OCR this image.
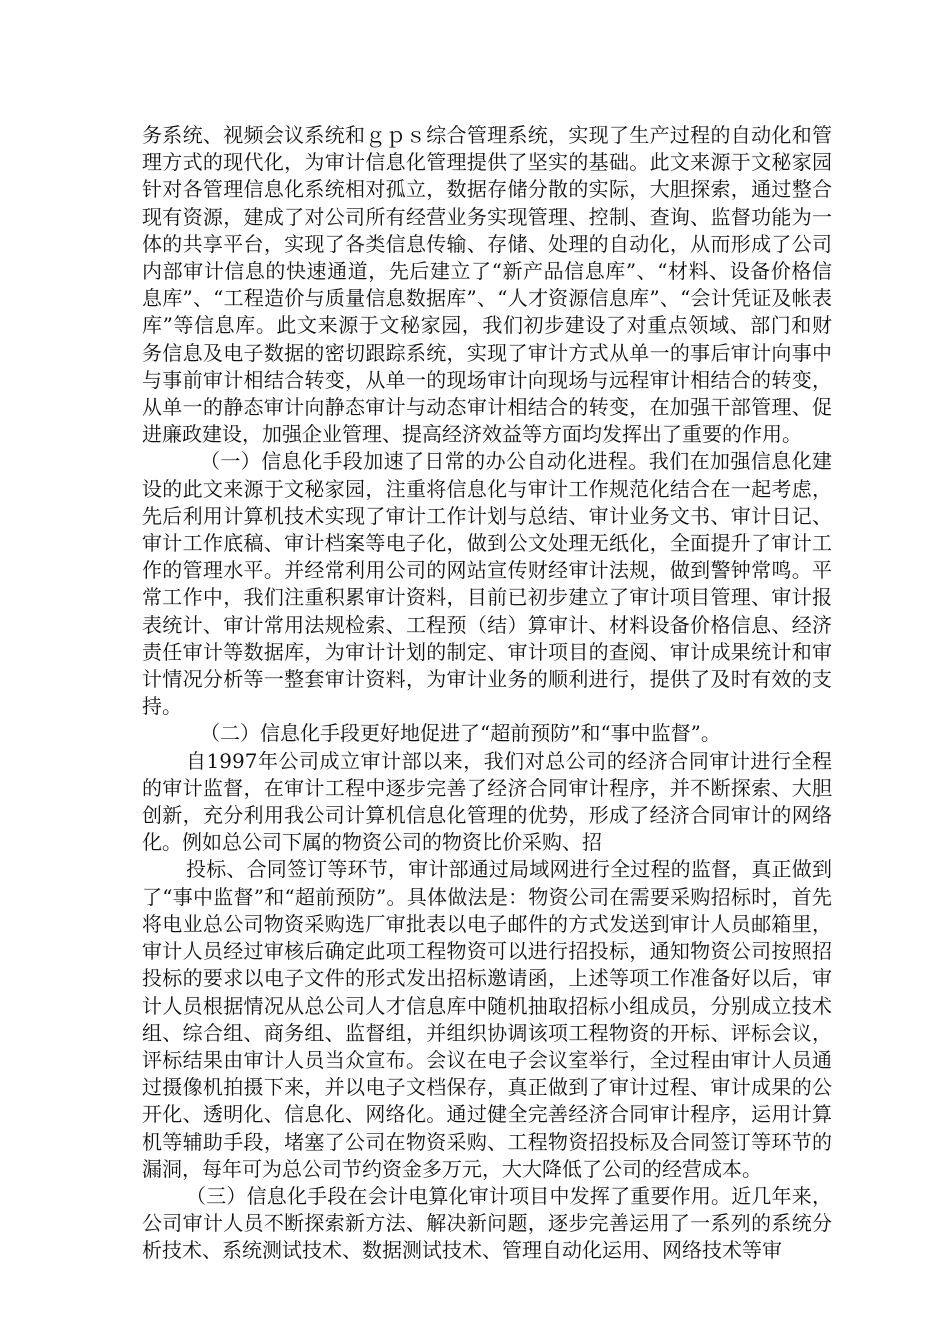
务系统、视频会议系统和ｇｐｓ综合管理系统，实现了生产过程的自动化和管理方式的现代化，为审计信息化管理提供了坚实的基础。此文来源于文秘家园针对各管理信息化系统相对孤立，数据存储分散的实际，大胆探索，通过整合现有资源，建成了对公司所有经营业务实现管理、控制、查询、监督功能为一体的共享平台，实现了各类信息传输、存储、处理的自动化，从而形成了公司内部审计信息的快速通道，先后建立了“新产品信息库”、“材料、设备价格信息库”、“工程造价与质量信息数据库”、“人才资源信息库”、“会计凭证及帐表库”等信息库。此文来源于文秘家园，我们初步建设了对重点领域、部门和财务信息及电子数据的密切跟踪系统，实现了审计方式从单一的事后审计向事中与事前审计相结合转变，从单一的现场审计向现场与远程审计相结合的转变，从单一的静态审计向静态审计与动态审计相结合的转变，在加强干部管理、促进廉政建设，加强企业管理、提高经济效益等方面均发挥出了重要的作用。

（一）信息化手段加速了日常的办公自动化进程。我们在加强信息化建设的此文来源于文秘家园，注重将信息化与审计工作规范化结合在一起考虑，先后利用计算机技术实现了审计工作计划与总结、审计业务文书、审计日记、审计工作底稿、审计档案等电子化，做到公文处理无纸化，全面提升了审计工作的管理水平。并经常利用公司的网站宣传财经审计法规，做到警钟常鸣。平常工作中，我们注重积累审计资料，目前已初步建立了审计项目管理、审计报表统计、审计常用法规检索、工程预（结）算审计、材料设备价格信息、经济责任审计等数据库，为审计计划的制定、审计项目的查阅、审计成果统计和审计情况分析等一整套审计资料，为审计业务的顺利进行，提供了及时有效的支持。

（二）信息化手段更好地促进了“超前预防”和“事中监督”。

自1997年公司成立审计部以来，我们对总公司的经济合同审计进行全程的审计监督，在审计工程中逐步完善了经济合同审计程序，并不断探索、大胆创新，充分利用我公司计算机信息化管理的优势，形成了经济合同审计的网络化。例如总公司下属的物资公司的物资比价采购、招

投标、合同签订等环节，审计部通过局域网进行全过程的监督，真正做到了“事中监督”和“超前预防”。具体做法是：物资公司在需要采购招标时，首先将电业总公司物资采购选厂审批表以电子邮件的方式发送到审计人员邮箱里，审计人员经过审核后确定此项工程物资可以进行招投标，通知物资公司按照招投标的要求以电子文件的形式发出招标邀请函，上述等项工作准备好以后，审计人员根据情况从总公司人才信息库中随机抽取招标小组成员，分别成立技术组、综合组、商务组、监督组，并组织协调该项工程物资的开标、评标会议，评标结果由审计人员当众宣布。会议在电子会议室举行，全过程由审计人员通过摄像机拍摄下来，并以电子文档保存，真正做到了审计过程、审计成果的公开化、透明化、信息化、网络化。通过健全完善经济合同审计程序，运用计算机等辅助手段，堵塞了公司在物资采购、工程物资招投标及合同签订等环节的漏洞，每年可为总公司节约资金多万元，大大降低了公司的经营成本。

（三）信息化手段在会计电算化审计项目中发挥了重要作用。近几年来，公司审计人员不断探索新方法、解决新问题，逐步完善运用了一系列的系统分析技术、系统测试技术、数据测试技术、管理自动化运用、网络技术等审
